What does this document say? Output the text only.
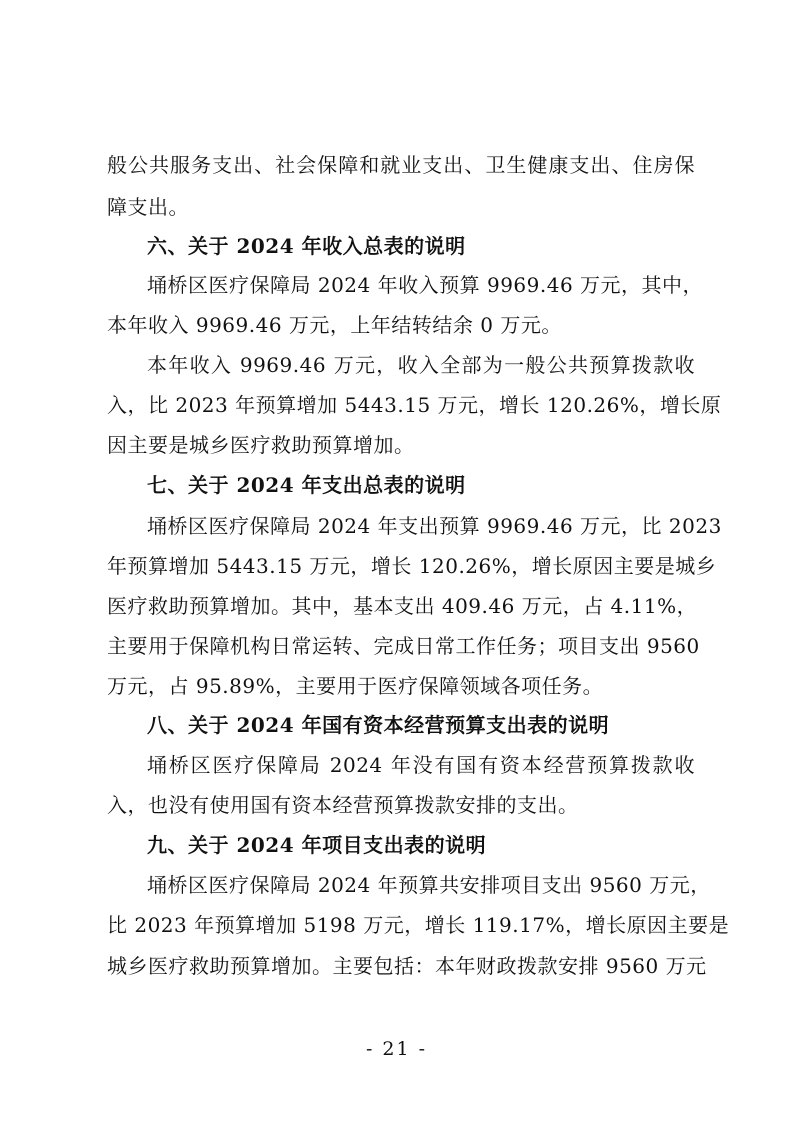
般公共服务支出、社会保障和就业支出、卫生健康支出、住房保
障支出。
六、关于 2024 年收入总表的说明
埇桥区医疗保障局 2024 年收入预算 9969.46 万元，其中，
本年收入 9969.46 万元，上年结转结余 0 万元。
本年收入 9969.46 万元，收入全部为一般公共预算拨款收
入，比 2023 年预算增加 5443.15 万元，增长 120.26%，增长原
因主要是城乡医疗救助预算增加。
七、关于 2024 年支出总表的说明
埇桥区医疗保障局 2024 年支出预算 9969.46 万元，比 2023
年预算增加 5443.15 万元，增长 120.26%，增长原因主要是城乡
医疗救助预算增加。其中，基本支出 409.46 万元，占 4.11%，
主要用于保障机构日常运转、完成日常工作任务；项目支出 9560
万元，占 95.89%，主要用于医疗保障领域各项任务。
八、关于 2024 年国有资本经营预算支出表的说明
埇桥区医疗保障局 2024 年没有国有资本经营预算拨款收
入，也没有使用国有资本经营预算拨款安排的支出。
九、关于 2024 年项目支出表的说明
埇桥区医疗保障局 2024 年预算共安排项目支出 9560 万元，
比 2023 年预算增加 5198 万元，增长 119.17%，增长原因主要是
城乡医疗救助预算增加。主要包括：本年财政拨款安排 9560 万元
- 21 -
